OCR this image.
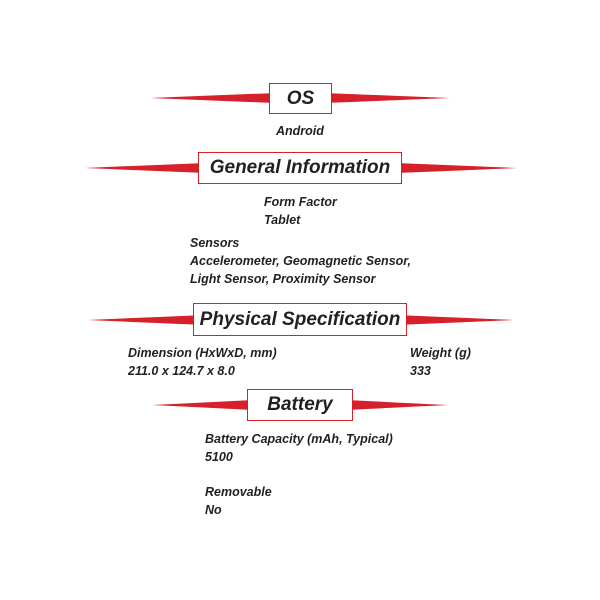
OS
Android
General Information
Form Factor
Tablet
Sensors
Accelerometer, Geomagnetic Sensor,
Light Sensor, Proximity Sensor
Physical Specification
Dimension (HxWxD, mm)
211.0 x 124.7 x 8.0
Weight (g)
333
Battery
Battery Capacity (mAh, Typical)
5100
Removable
No
